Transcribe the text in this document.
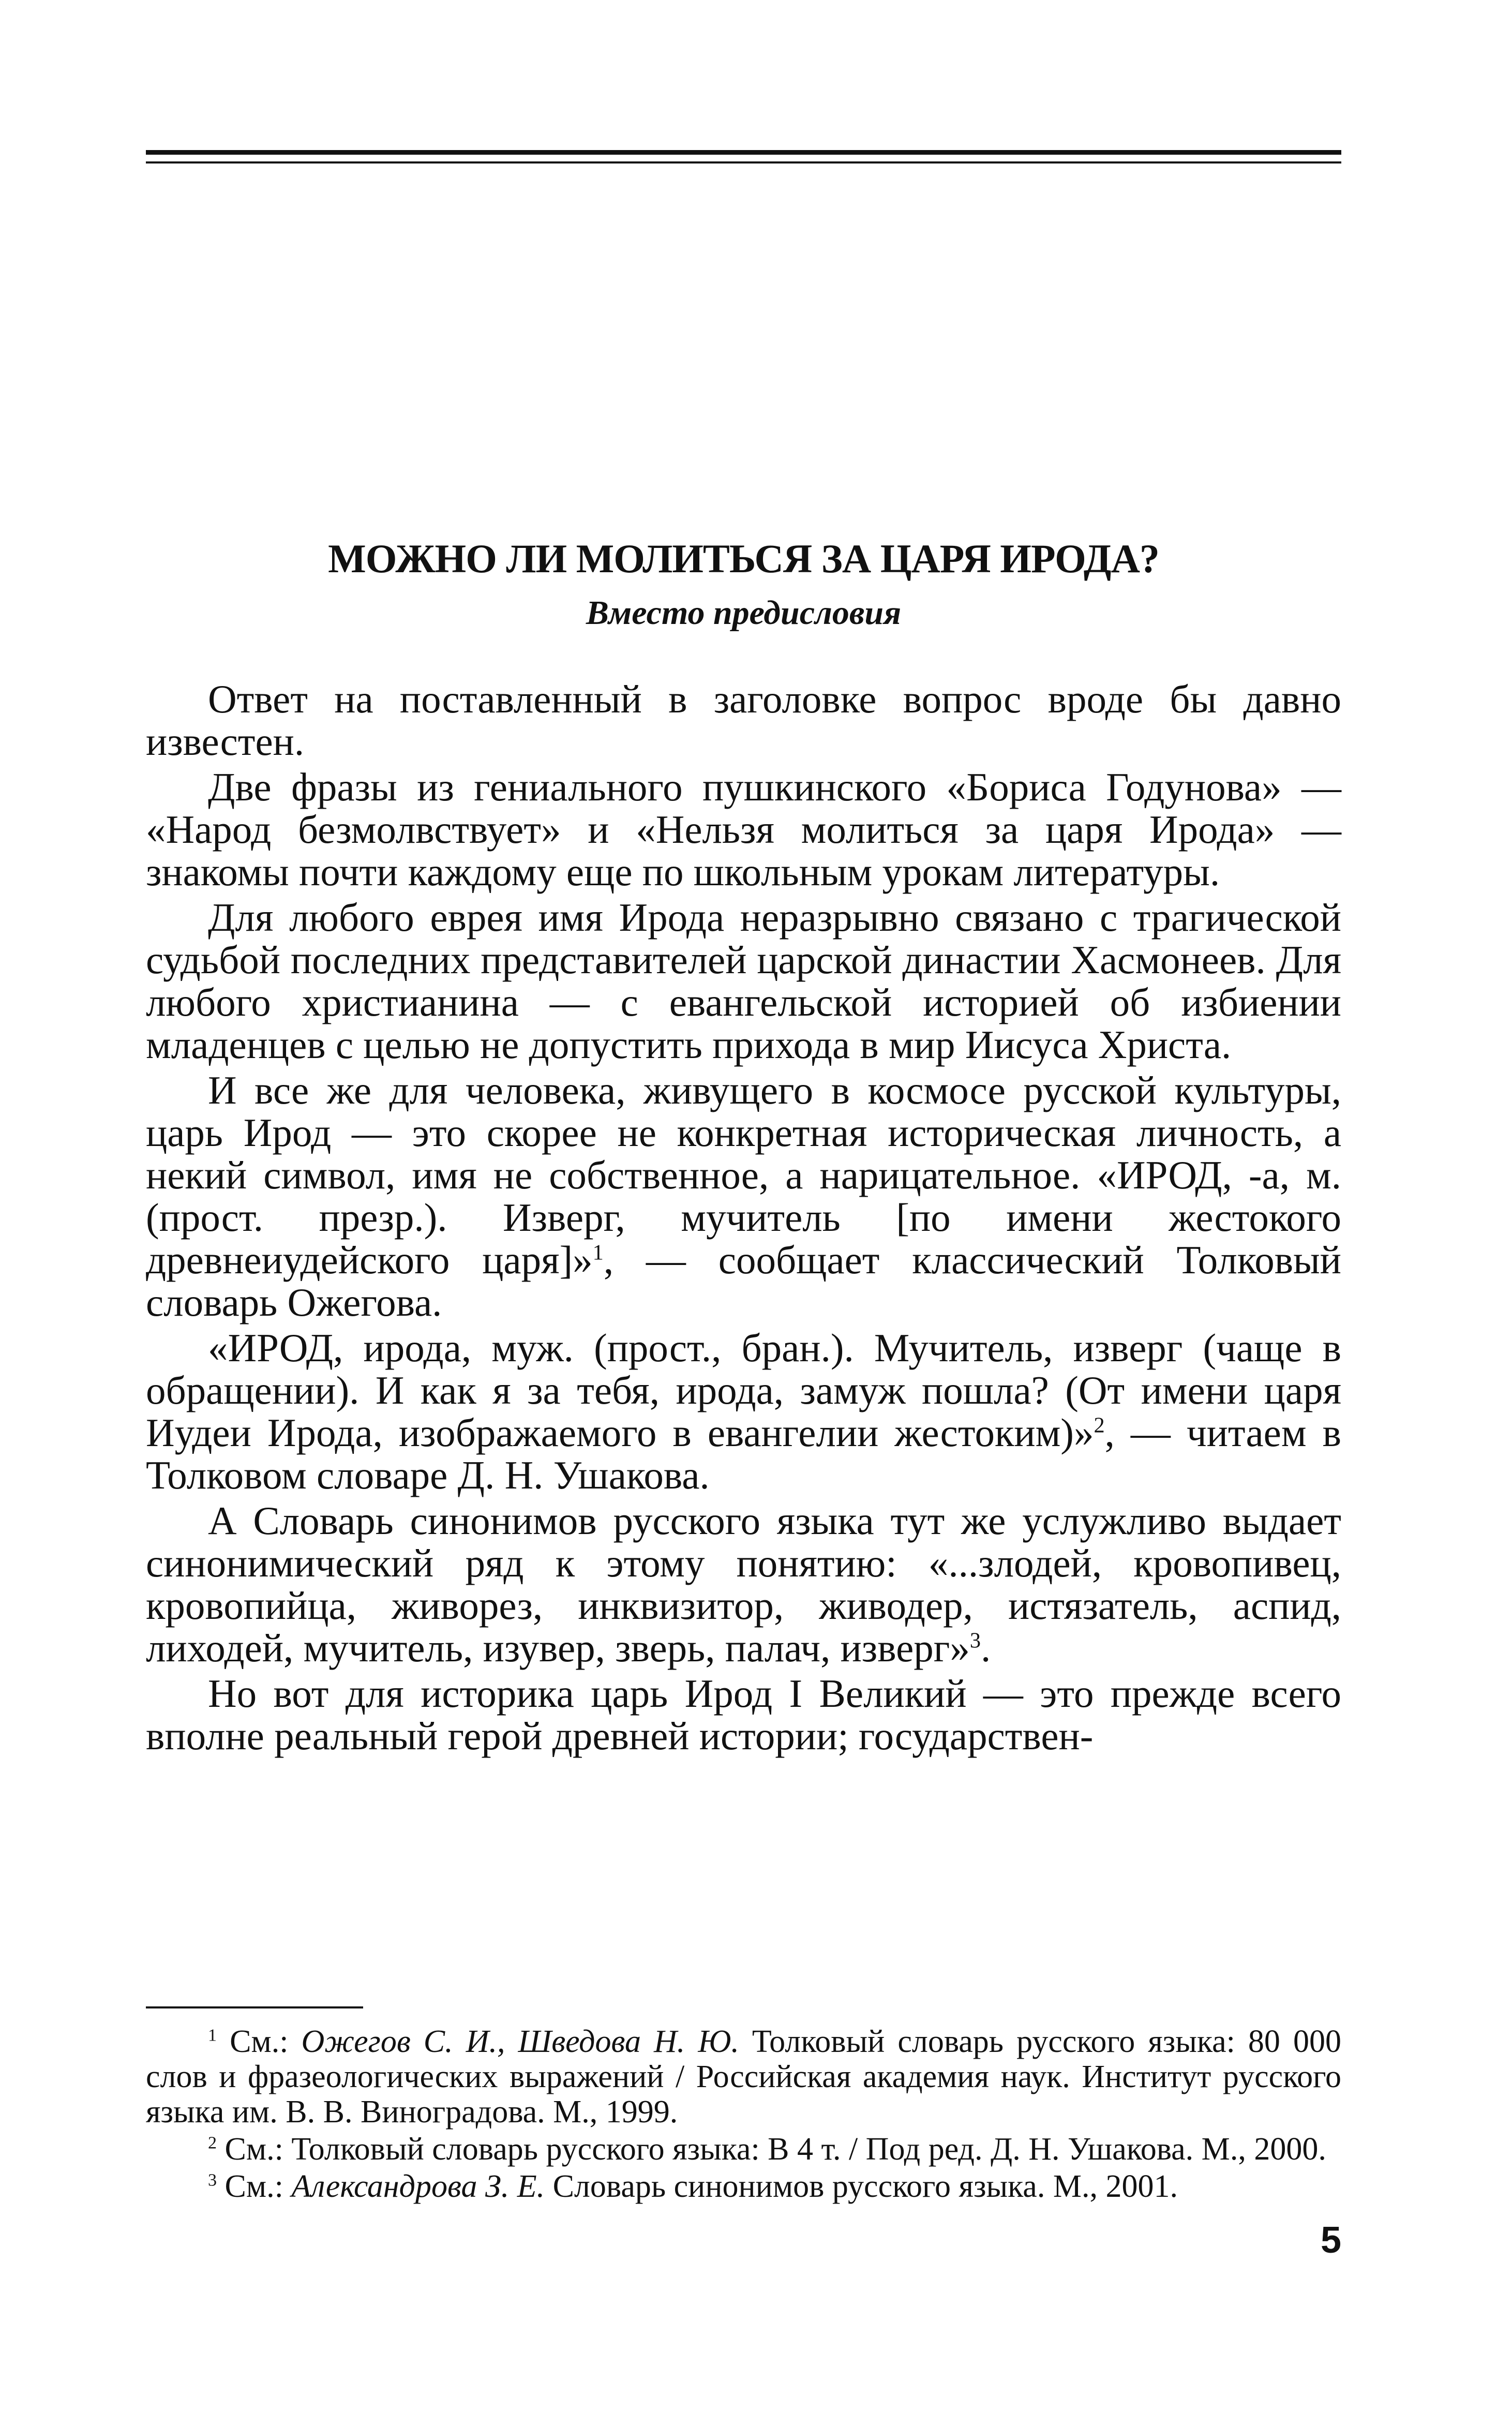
МОЖНО ЛИ МОЛИТЬСЯ ЗА ЦАРЯ ИРОДА?
Вместо предисловия

Ответ на поставленный в заголовке вопрос вроде бы давно известен.

Две фразы из гениального пушкинского «Бориса Годунова» — «Народ безмолвствует» и «Нельзя молиться за царя Ирода» — знакомы почти каждому еще по школьным урокам литературы.

Для любого еврея имя Ирода неразрывно связано с трагической судьбой последних представителей царской династии Хасмонеев. Для любого христианина — с евангельской историей об избиении младенцев с целью не допустить прихода в мир Иисуса Христа.

И все же для человека, живущего в космосе русской культуры, царь Ирод — это скорее не конкретная историческая личность, а некий символ, имя не собственное, а нарицательное. «ИРОД, -а, м. (прост. презр.). Изверг, мучитель [по имени жестокого древнеиудейского царя]»$^1$, — сообщает классический Толковый словарь Ожегова.

«ИРОД, ирода, муж. (прост., бран.). Мучитель, изверг (чаще в обращении). И как я за тебя, ирода, замуж пошла? (От имени царя Иудеи Ирода, изображаемого в евангелии жестоким)»$^2$, — читаем в Толковом словаре Д. Н. Ушакова.

А Словарь синонимов русского языка тут же услужливо выдает синонимический ряд к этому понятию: «...злодей, кровопивец, кровопийца, живорез, инквизитор, живодер, истязатель, аспид, лиходей, мучитель, изувер, зверь, палач, изверг»$^3$.

Но вот для историка царь Ирод I Великий — это прежде всего вполне реальный герой древней истории; государствен-

$^1$ См.: Ожегов С. И., Шведова Н. Ю. Толковый словарь русского языка: 80 000 слов и фразеологических выражений / Российская академия наук. Институт русского языка им. В. В. Виноградова. М., 1999.

$^2$ См.: Толковый словарь русского языка: В 4 т. / Под ред. Д. Н. Ушакова. М., 2000.

$^3$ См.: Александрова З. Е. Словарь синонимов русского языка. М., 2001.

5
